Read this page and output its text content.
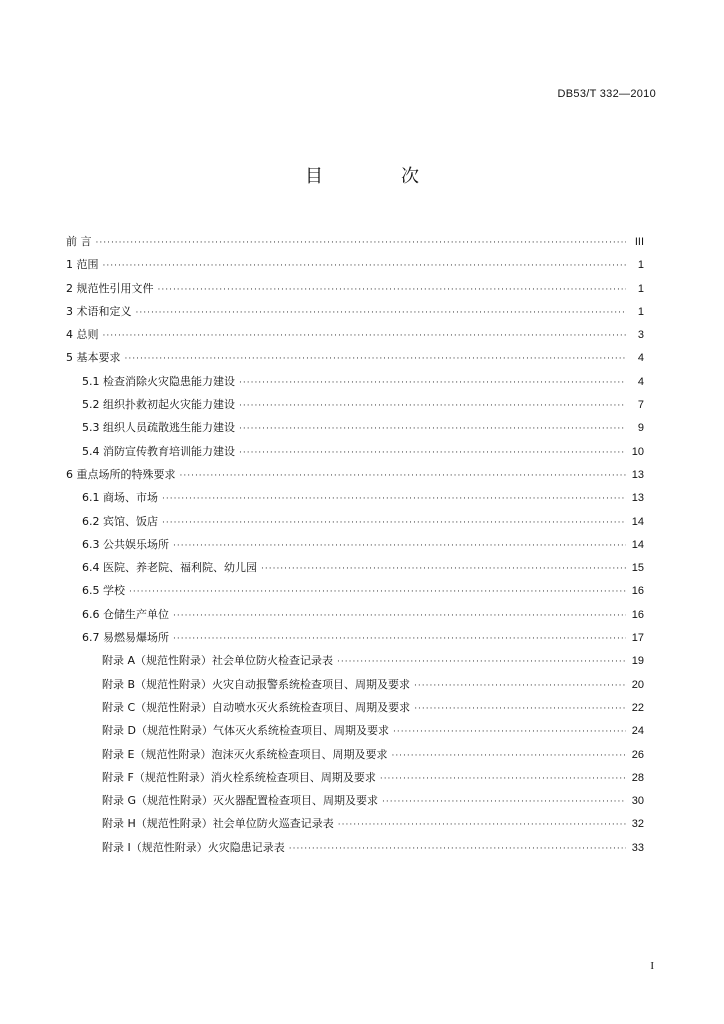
DB53/T 332—2010
目　次
前 言 ·····	III
1 范围 ·····	1
2 规范性引用文件 ·····	1
3 术语和定义 ·····	1
4 总则 ·····	3
5 基本要求 ·····	4
5.1 检查消除火灾隐患能力建设 ·····	4
5.2 组织扑救初起火灾能力建设 ·····	7
5.3 组织人员疏散逃生能力建设 ·····	9
5.4 消防宣传教育培训能力建设 ·····	10
6 重点场所的特殊要求 ·····	13
6.1 商场、市场 ·····	13
6.2 宾馆、饭店 ·····	14
6.3 公共娱乐场所 ·····	14
6.4 医院、养老院、福利院、幼儿园 ·····	15
6.5 学校 ·····	16
6.6 仓储生产单位 ·····	16
6.7 易燃易爆场所 ·····	17
附录 A（规范性附录）社会单位防火检查记录表 ·····	19
附录 B（规范性附录）火灾自动报警系统检查项目、周期及要求 ·····	20
附录 C（规范性附录）自动喷水灭火系统检查项目、周期及要求 ·····	22
附录 D（规范性附录）气体灭火系统检查项目、周期及要求 ·····	24
附录 E（规范性附录）泡沫灭火系统检查项目、周期及要求 ·····	26
附录 F（规范性附录）消火栓系统检查项目、周期及要求 ·····	28
附录 G（规范性附录）灭火器配置检查项目、周期及要求 ·····	30
附录 H（规范性附录）社会单位防火巡查记录表 ·····	32
附录 I（规范性附录）火灾隐患记录表 ·····	33
I
